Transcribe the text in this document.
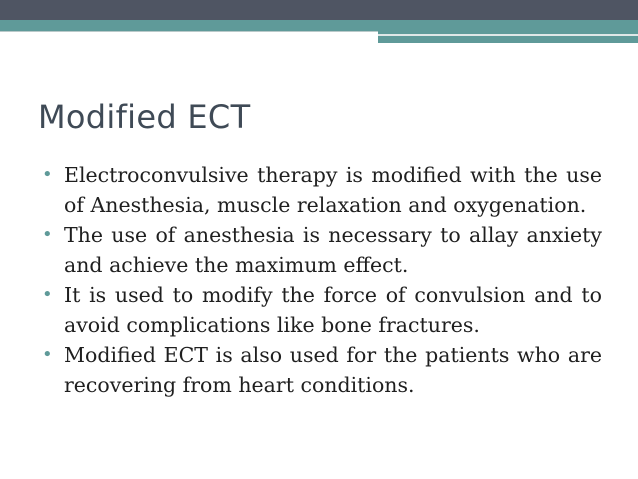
Modified ECT
• Electroconvulsive therapy is modified with the use of Anesthesia, muscle relaxation and oxygenation.
• The use of anesthesia is necessary to allay anxiety and achieve the maximum effect.
• It is used to modify the force of convulsion and to avoid complications like bone fractures.
• Modified ECT is also used for the patients who are recovering from heart conditions.
